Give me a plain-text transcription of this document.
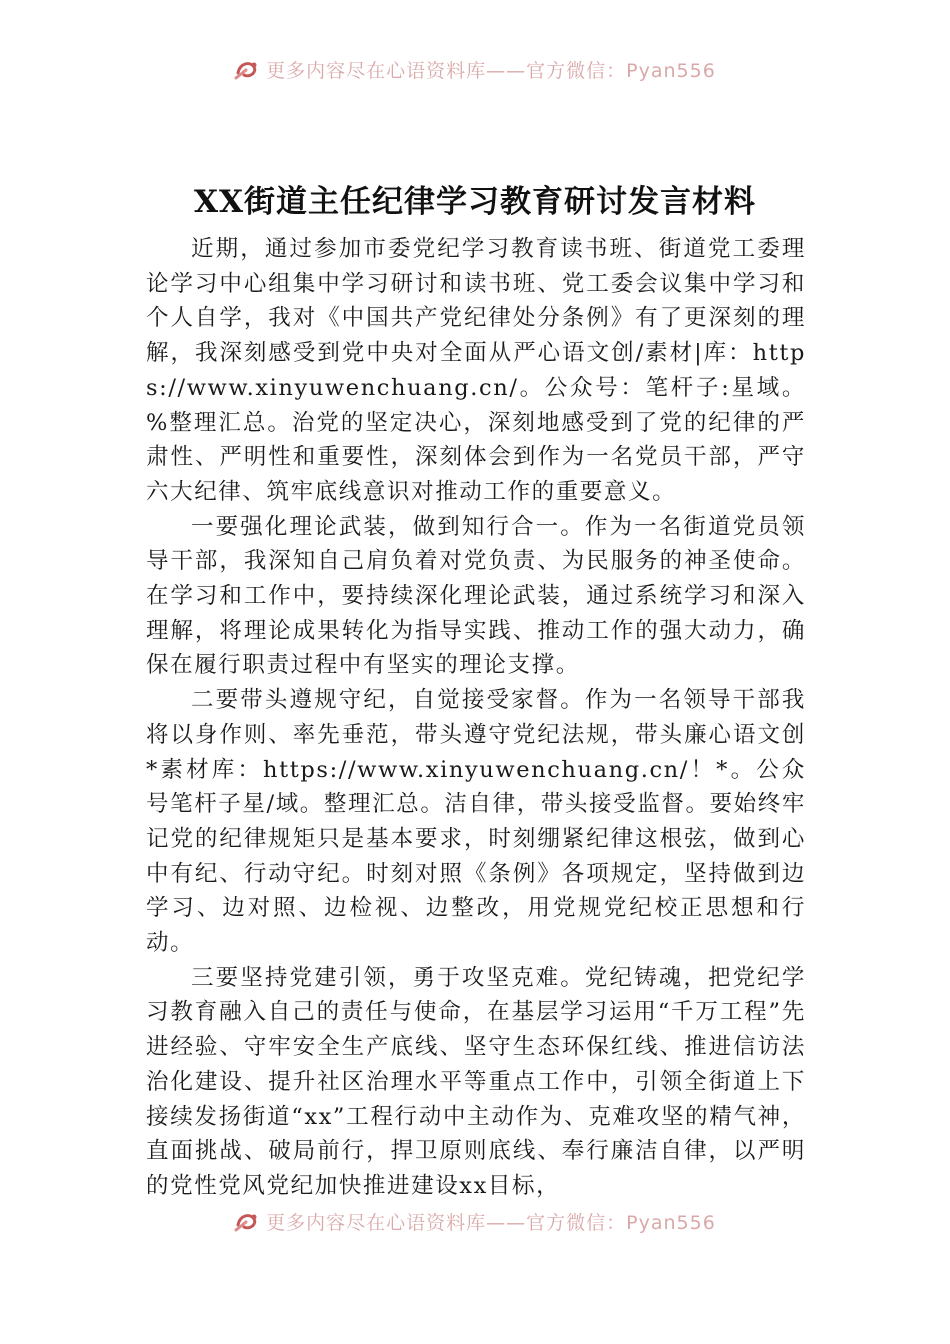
更多内容尽在心语资料库——官方微信：Pyan556
XX街道主任纪律学习教育研讨发言材料

近期，通过参加市委党纪学习教育读书班、街道党工委理论学习中心组集中学习研讨和读书班、党工委会议集中学习和个人自学，我对《中国共产党纪律处分条例》有了更深刻的理解，我深刻感受到党中央对全面从严心语文创/素材|库：https://www.xinyuwenchuang.cn/。公众号：笔杆子:星域。%整理汇总。治党的坚定决心，深刻地感受到了党的纪律的严肃性、严明性和重要性，深刻体会到作为一名党员干部，严守六大纪律、筑牢底线意识对推动工作的重要意义。

一要强化理论武装，做到知行合一。作为一名街道党员领导干部，我深知自己肩负着对党负责、为民服务的神圣使命。在学习和工作中，要持续深化理论武装，通过系统学习和深入理解，将理论成果转化为指导实践、推动工作的强大动力，确保在履行职责过程中有坚实的理论支撑。

二要带头遵规守纪，自觉接受家督。作为一名领导干部我将以身作则、率先垂范，带头遵守党纪法规，带头廉心语文创*素材库：https://www.xinyuwenchuang.cn/！*。公众号笔杆子星/域。整理汇总。洁自律，带头接受监督。要始终牢记党的纪律规矩只是基本要求，时刻绷紧纪律这根弦，做到心中有纪、行动守纪。时刻对照《条例》各项规定，坚持做到边学习、边对照、边检视、边整改，用党规党纪校正思想和行动。

三要坚持党建引领，勇于攻坚克难。党纪铸魂，把党纪学习教育融入自己的责任与使命，在基层学习运用“千万工程”先进经验、守牢安全生产底线、坚守生态环保红线、推进信访法治化建设、提升社区治理水平等重点工作中，引领全街道上下接续发扬街道“xx”工程行动中主动作为、克难攻坚的精气神，直面挑战、破局前行，捍卫原则底线、奉行廉洁自律，以严明的党性党风党纪加快推进建设xx目标，

更多内容尽在心语资料库——官方微信：Pyan556
